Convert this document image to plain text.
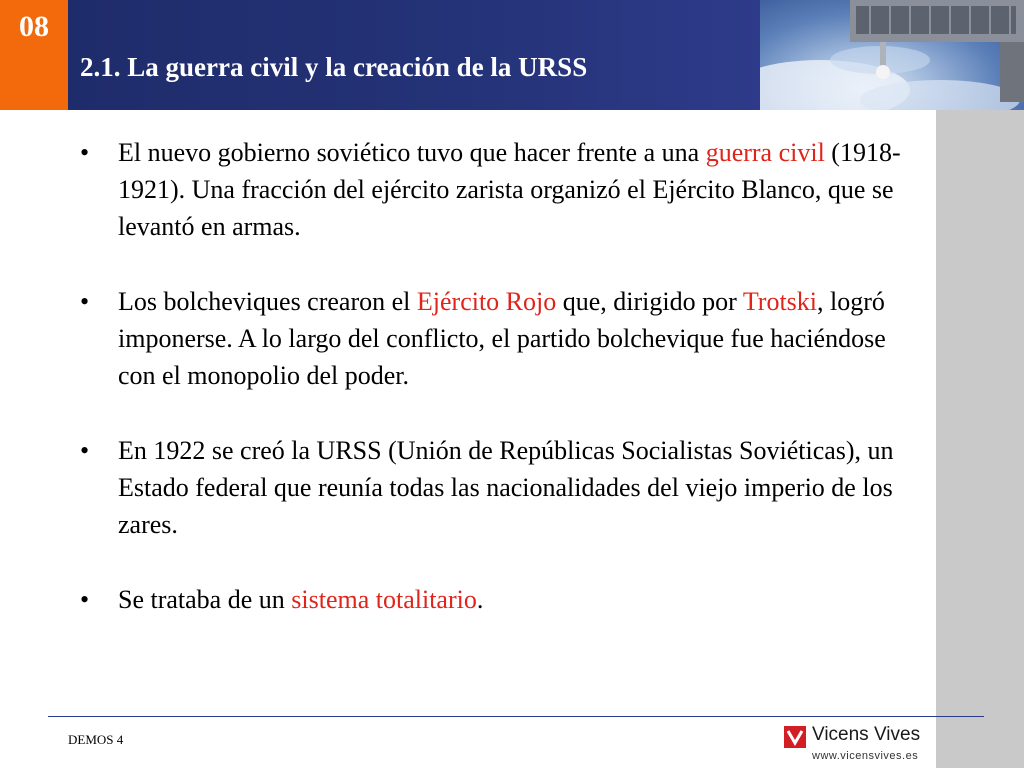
08
2.1. La guerra civil y la creación de la URSS
• El nuevo gobierno soviético tuvo que hacer frente a una guerra civil (1918-1921). Una fracción del ejército zarista organizó el Ejército Blanco, que se levantó en armas.
• Los bolcheviques crearon el Ejército Rojo que, dirigido por Trotski, logró imponerse. A lo largo del conflicto, el partido bolchevique fue haciéndose con el monopolio del poder.
• En 1922 se creó la URSS (Unión de Repúblicas Socialistas Soviéticas), un Estado federal que reunía todas las nacionalidades del viejo imperio de los zares.
• Se trataba de un sistema totalitario.
DEMOS 4	Vicens Vives
www.vicensvives.es
